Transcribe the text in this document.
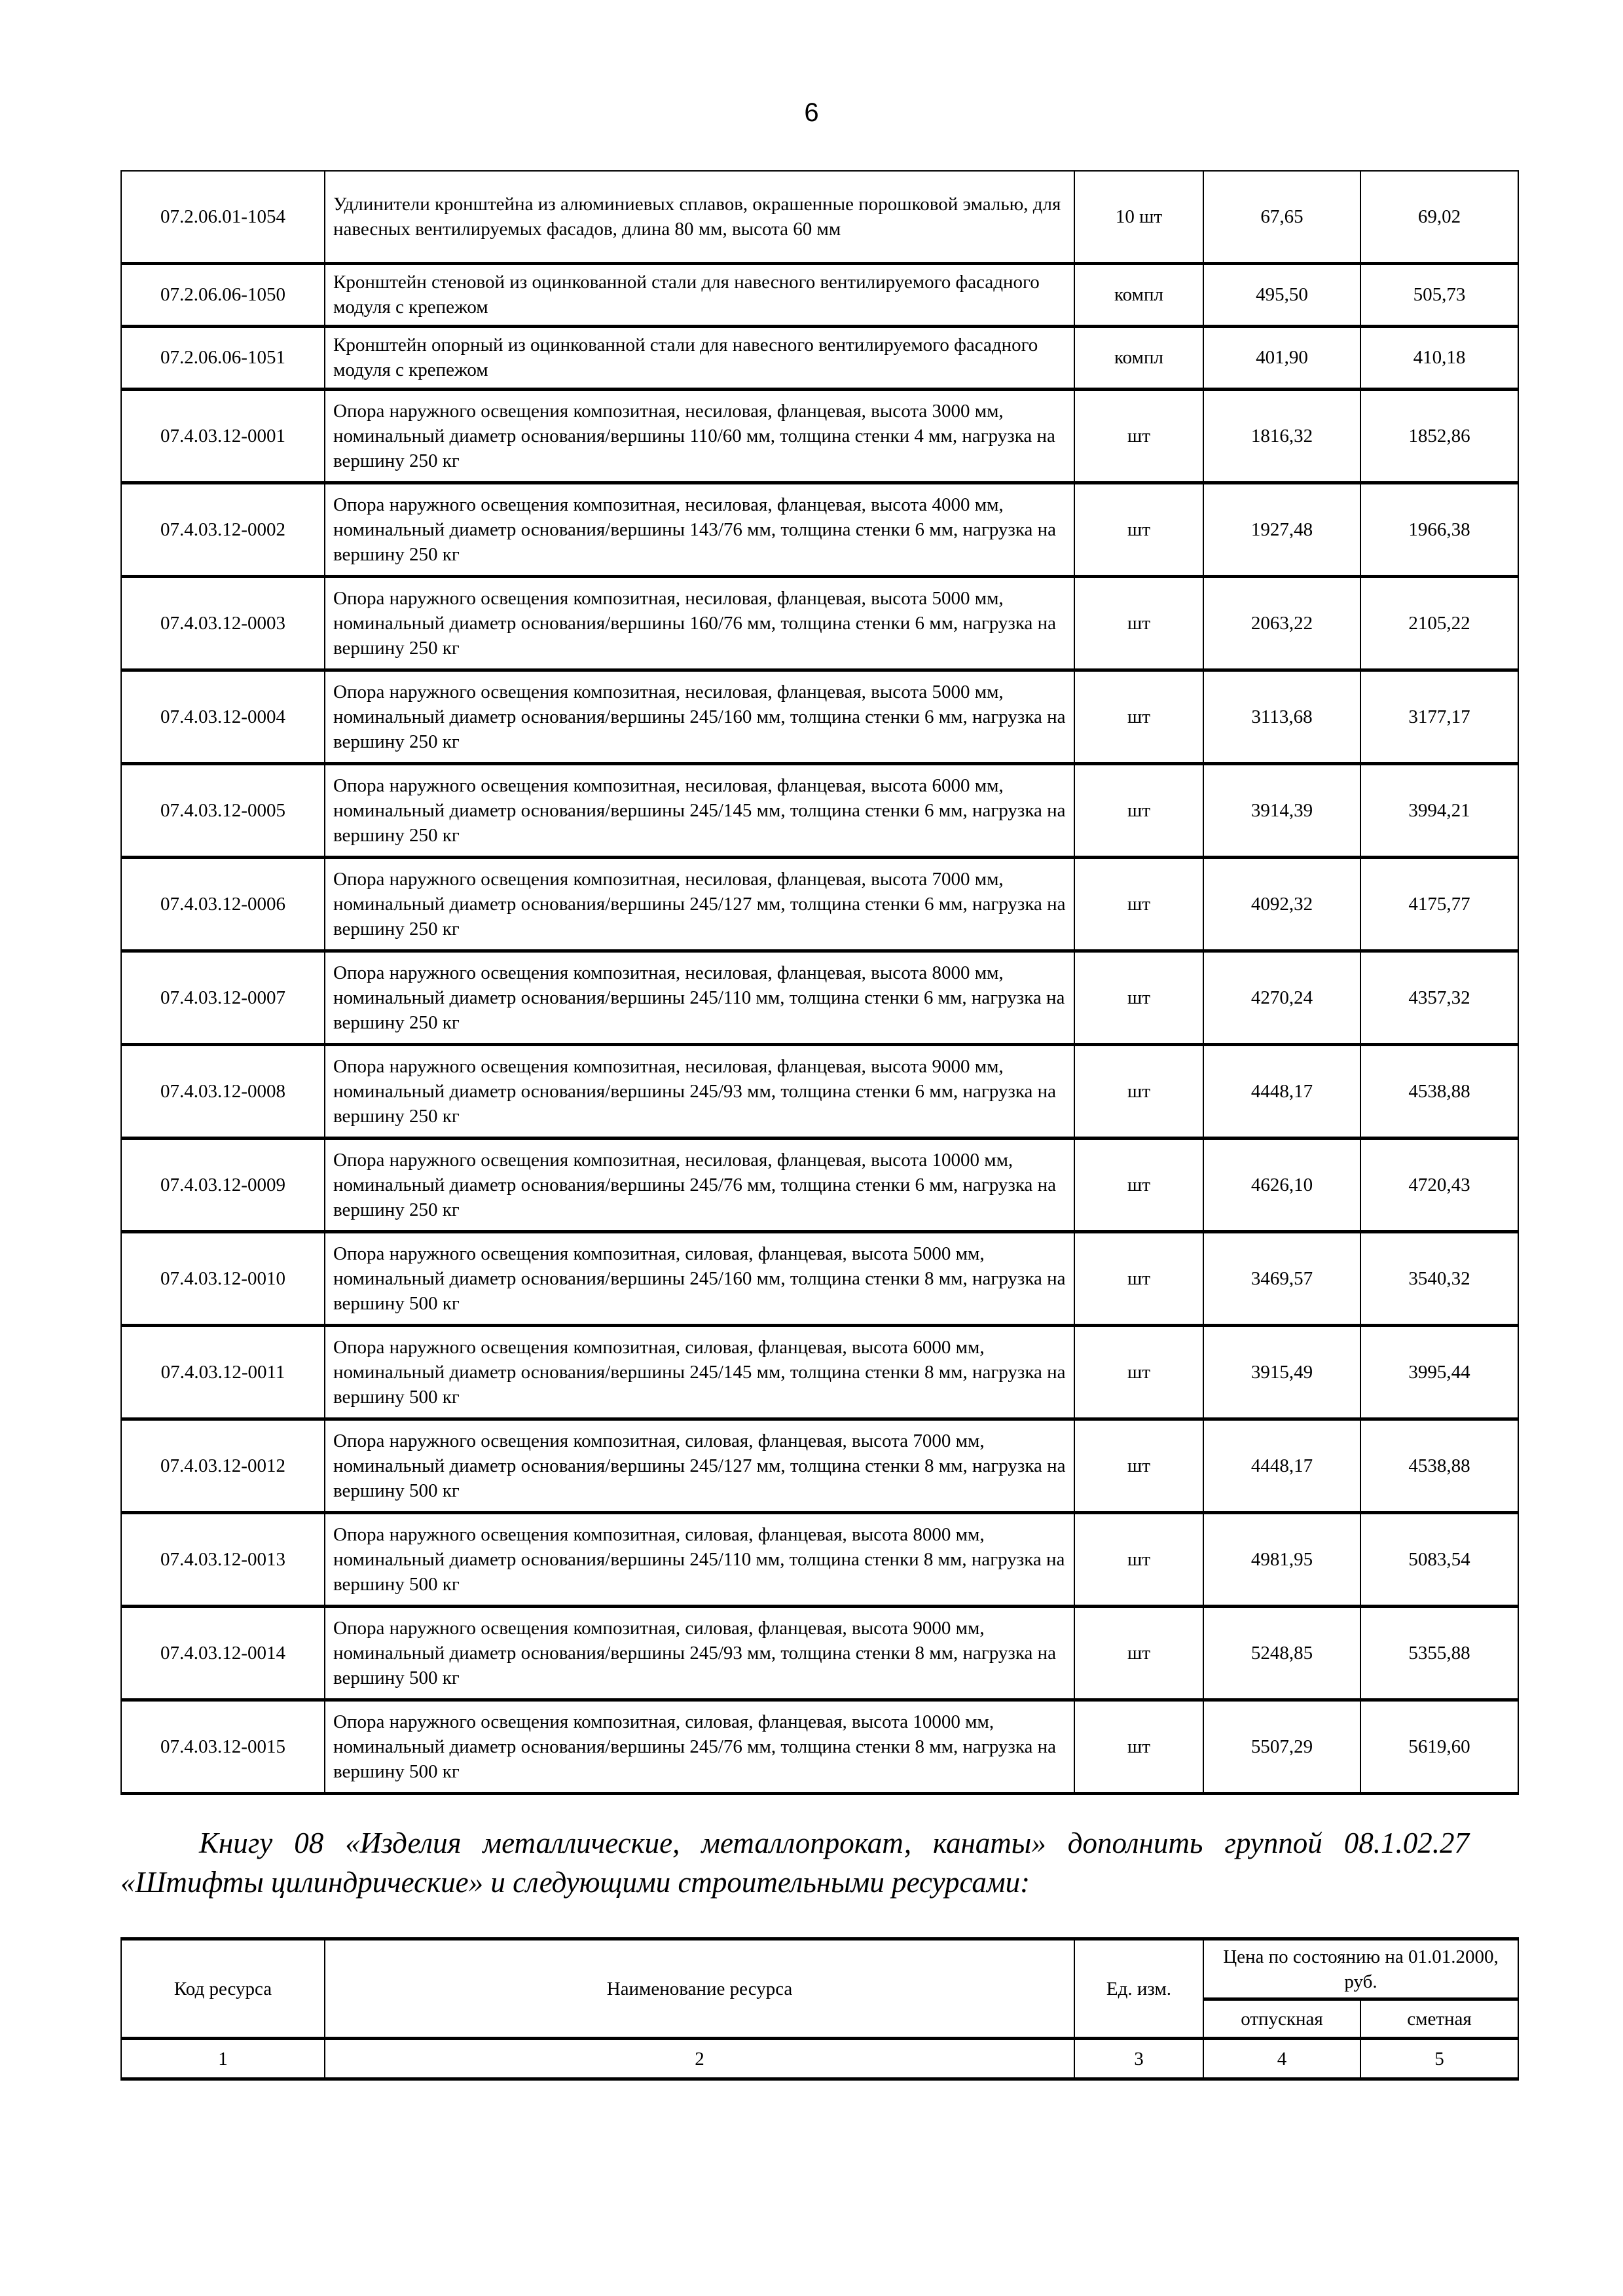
6
07.2.06.01-1054	Удлинители кронштейна из алюминиевых сплавов, окрашенные порошковой эмалью, для навесных вентилируемых фасадов, длина 80 мм, высота 60 мм	10 шт	67,65	69,02
07.2.06.06-1050	Кронштейн стеновой из оцинкованной стали для навесного вентилируемого фасадного модуля с крепежом	компл	495,50	505,73
07.2.06.06-1051	Кронштейн опорный из оцинкованной стали для навесного вентилируемого фасадного модуля с крепежом	компл	401,90	410,18
07.4.03.12-0001	Опора наружного освещения композитная, несиловая, фланцевая, высота 3000 мм, номинальный диаметр основания/вершины 110/60 мм, толщина стенки 4 мм, нагрузка на вершину 250 кг	шт	1816,32	1852,86
07.4.03.12-0002	Опора наружного освещения композитная, несиловая, фланцевая, высота 4000 мм, номинальный диаметр основания/вершины 143/76 мм, толщина стенки 6 мм, нагрузка на вершину 250 кг	шт	1927,48	1966,38
07.4.03.12-0003	Опора наружного освещения композитная, несиловая, фланцевая, высота 5000 мм, номинальный диаметр основания/вершины 160/76 мм, толщина стенки 6 мм, нагрузка на вершину 250 кг	шт	2063,22	2105,22
07.4.03.12-0004	Опора наружного освещения композитная, несиловая, фланцевая, высота 5000 мм, номинальный диаметр основания/вершины 245/160 мм, толщина стенки 6 мм, нагрузка на вершину 250 кг	шт	3113,68	3177,17
07.4.03.12-0005	Опора наружного освещения композитная, несиловая, фланцевая, высота 6000 мм, номинальный диаметр основания/вершины 245/145 мм, толщина стенки 6 мм, нагрузка на вершину 250 кг	шт	3914,39	3994,21
07.4.03.12-0006	Опора наружного освещения композитная, несиловая, фланцевая, высота 7000 мм, номинальный диаметр основания/вершины 245/127 мм, толщина стенки 6 мм, нагрузка на вершину 250 кг	шт	4092,32	4175,77
07.4.03.12-0007	Опора наружного освещения композитная, несиловая, фланцевая, высота 8000 мм, номинальный диаметр основания/вершины 245/110 мм, толщина стенки 6 мм, нагрузка на вершину 250 кг	шт	4270,24	4357,32
07.4.03.12-0008	Опора наружного освещения композитная, несиловая, фланцевая, высота 9000 мм, номинальный диаметр основания/вершины 245/93 мм, толщина стенки 6 мм, нагрузка на вершину 250 кг	шт	4448,17	4538,88
07.4.03.12-0009	Опора наружного освещения композитная, несиловая, фланцевая, высота 10000 мм, номинальный диаметр основания/вершины 245/76 мм, толщина стенки 6 мм, нагрузка на вершину 250 кг	шт	4626,10	4720,43
07.4.03.12-0010	Опора наружного освещения композитная, силовая, фланцевая, высота 5000 мм, номинальный диаметр основания/вершины 245/160 мм, толщина стенки 8 мм, нагрузка на вершину 500 кг	шт	3469,57	3540,32
07.4.03.12-0011	Опора наружного освещения композитная, силовая, фланцевая, высота 6000 мм, номинальный диаметр основания/вершины 245/145 мм, толщина стенки 8 мм, нагрузка на вершину 500 кг	шт	3915,49	3995,44
07.4.03.12-0012	Опора наружного освещения композитная, силовая, фланцевая, высота 7000 мм, номинальный диаметр основания/вершины 245/127 мм, толщина стенки 8 мм, нагрузка на вершину 500 кг	шт	4448,17	4538,88
07.4.03.12-0013	Опора наружного освещения композитная, силовая, фланцевая, высота 8000 мм, номинальный диаметр основания/вершины 245/110 мм, толщина стенки 8 мм, нагрузка на вершину 500 кг	шт	4981,95	5083,54
07.4.03.12-0014	Опора наружного освещения композитная, силовая, фланцевая, высота 9000 мм, номинальный диаметр основания/вершины 245/93 мм, толщина стенки 8 мм, нагрузка на вершину 500 кг	шт	5248,85	5355,88
07.4.03.12-0015	Опора наружного освещения композитная, силовая, фланцевая, высота 10000 мм, номинальный диаметр основания/вершины 245/76 мм, толщина стенки 8 мм, нагрузка на вершину 500 кг	шт	5507,29	5619,60
Книгу 08 «Изделия металлические, металлопрокат, канаты» дополнить группой 08.1.02.27 «Штифты цилиндрические» и следующими строительными ресурсами:
Код ресурса	Наименование ресурса	Ед. изм.	Цена по состоянию на 01.01.2000, руб.	
			отпускная	сметная
1	2	3	4	5
